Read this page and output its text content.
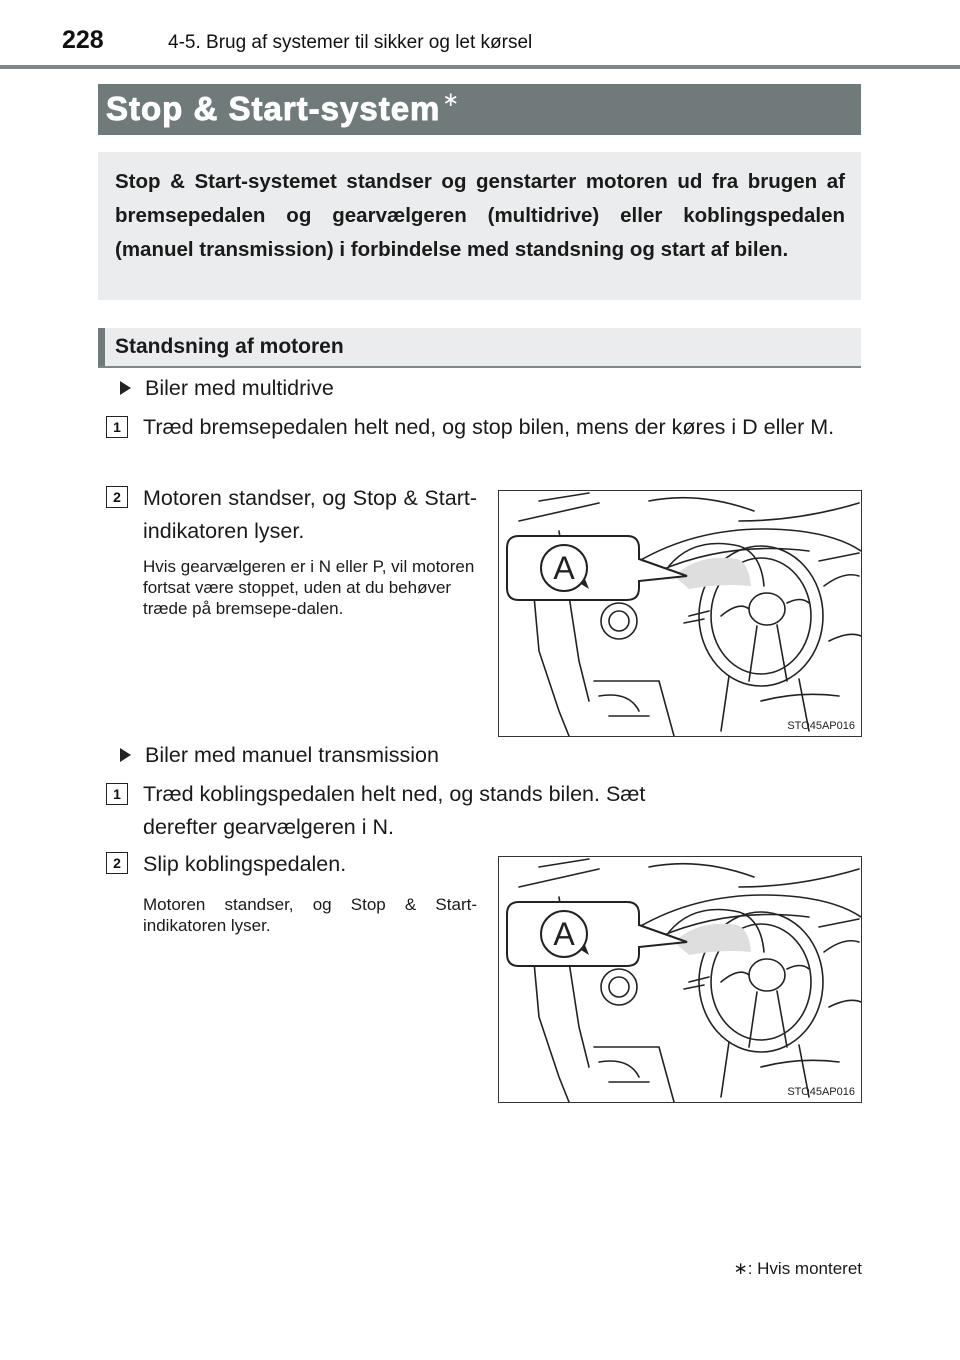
228	4-5. Brug af systemer til sikker og let kørsel
Stop & Start-system ∗
Stop & Start-systemet standser og genstarter motoren ud fra brugen af bremsepedalen og gearvælgeren (multidrive) eller koblingspedalen (manuel transmission) i forbindelse med standsning og start af bilen.
Standsning af motoren
Biler med multidrive
1	Træd bremsepedalen helt ned, og stop bilen, mens der køres i D eller M.
2	Motoren standser, og Stop & Start-indikatoren lyser.
Hvis gearvælgeren er i N eller P, vil motoren fortsat være stoppet, uden at du behøver træde på bremsepe-dalen.
A
STO45AP016
Biler med manuel transmission
1	Træd koblingspedalen helt ned, og stands bilen. Sæt derefter gearvælgeren i N.
2	Slip koblingspedalen.
Motoren standser, og Stop & Start-indikatoren lyser.	A
STO45AP016
∗: Hvis monteret
